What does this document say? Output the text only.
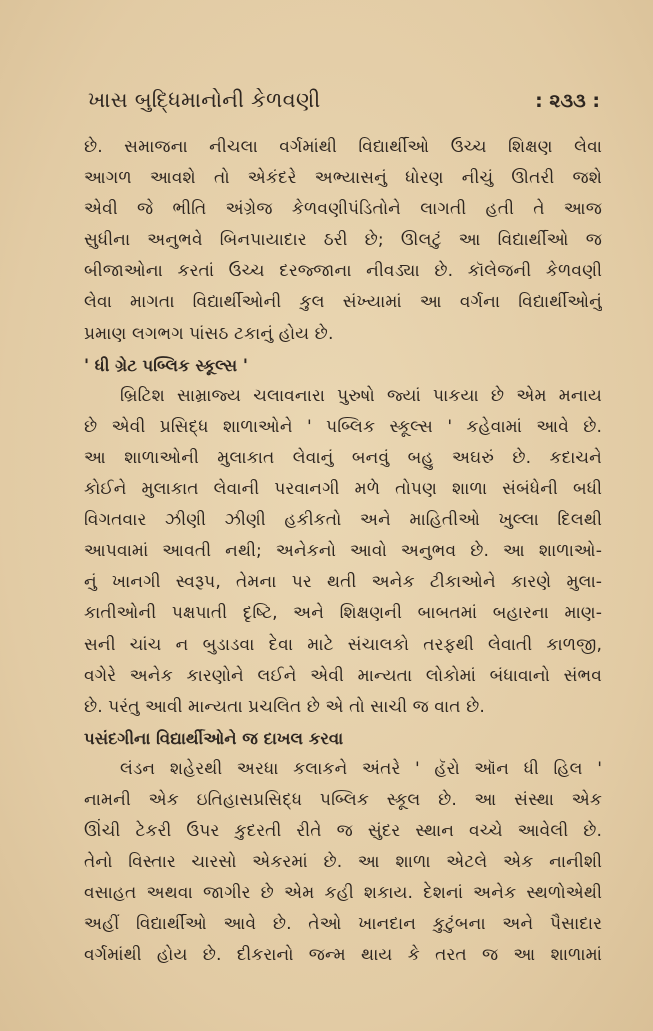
ખાસ બુદ્ધિમાનોની કેળવણી	: ૨૩૩ :
છે. સમાજના નીચલા વર્ગમાંથી વિદ્યાર્થીઓ ઉચ્ચ શિક્ષણ લેવા
આગળ આવશે તો એકંદરે અભ્યાસનું ધોરણ નીચું ઊતરી જશે
એવી જે ભીતિ અંગ્રેજ કેળવણીપંડિતોને લાગતી હતી તે આજ
સુધીના અનુભવે બિનપાયાદાર ઠરી છે; ઊલટું આ વિદ્યાર્થીઓ જ
બીજાઓના કરતાં ઉચ્ચ દરજ્જાના નીવડ્યા છે. કૉલેજની કેળવણી
લેવા માગતા વિદ્યાર્થીઓની કુલ સંખ્યામાં આ વર્ગના વિદ્યાર્થીઓનું
પ્રમાણ લગભગ પાંસઠ ટકાનું હોય છે.
' ધી ગ્રેટ પબ્લિક સ્કૂલ્સ '
બ્રિટિશ સામ્રાજ્ય ચલાવનારા પુરુષો જ્યાં પાકયા છે એમ મનાય
છે એવી પ્રસિદ્ધ શાળાઓને ' પબ્લિક સ્કૂલ્સ ' કહેવામાં આવે છે.
આ શાળાઓની મુલાકાત લેવાનું બનવું બહુ અઘરું છે. કદાચને
કોઈને મુલાકાત લેવાની પરવાનગી મળે તોપણ શાળા સંબંધેની બધી
વિગતવાર ઝીણી ઝીણી હકીકતો અને માહિતીઓ ખુલ્લા દિલથી
આપવામાં આવતી નથી; અનેકનો આવો અનુભવ છે. આ શાળાઓ-
નું ખાનગી સ્વરૂપ, તેમના પર થતી અનેક ટીકાઓને કારણે મુલા-
કાતીઓની પક્ષપાતી દૃષ્ટિ, અને શિક્ષણની બાબતમાં બહારના માણ-
સની ચાંચ ન બુડાડવા દેવા માટે સંચાલકો તરફથી લેવાતી કાળજી,
વગેરે અનેક કારણોને લઈને એવી માન્યતા લોકોમાં બંધાવાનો સંભવ
છે. પરંતુ આવી માન્યતા પ્રચલિત છે એ તો સાચી જ વાત છે.
પસંદગીના વિદ્યાર્થીઓને જ દાખલ કરવા
લંડન શહેરથી અરધા કલાકને અંતરે ' હૅરો ઑન ધી હિલ '
નામની એક ઇતિહાસપ્રસિદ્ધ પબ્લિક સ્કૂલ છે. આ સંસ્થા એક
ઊંચી ટેકરી ઉપર કુદરતી રીતે જ સુંદર સ્થાન વચ્ચે આવેલી છે.
તેનો વિસ્તાર ચારસો એકરમાં છે. આ શાળા એટલે એક નાનીશી
વસાહત અથવા જાગીર છે એમ કહી શકાય. દેશનાં અનેક સ્થળોએથી
અહીં વિદ્યાર્થીઓ આવે છે. તેઓ ખાનદાન કુટુંબના અને પૈસાદાર
વર્ગમાંથી હોય છે. દીકરાનો જન્મ થાય કે તરત જ આ શાળામાં
